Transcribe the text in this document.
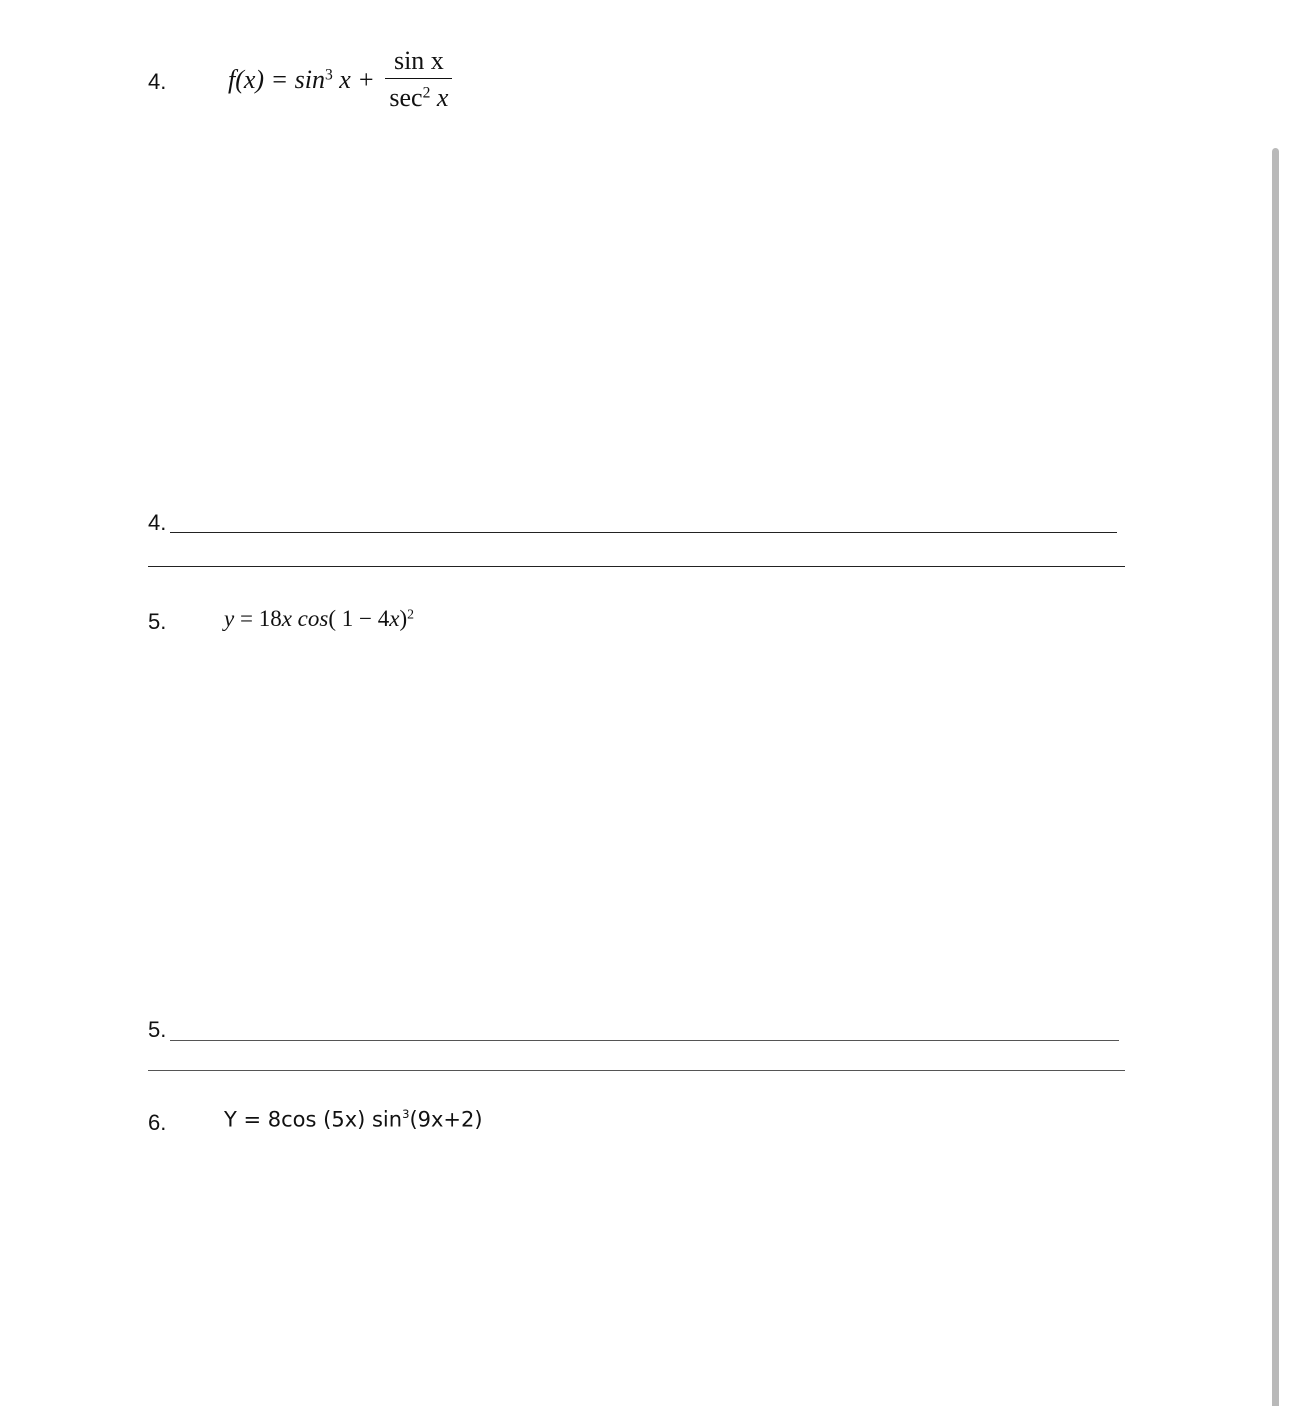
4. $f(x) = \sin^3 x + \frac{\text{sin x}}{\sec^2 x}$
4.
5.	y = 18x cos( 1 − 4x)$^2$
5.
6.	Y = 8cos (5x) $\sin^3(9x+2)$
